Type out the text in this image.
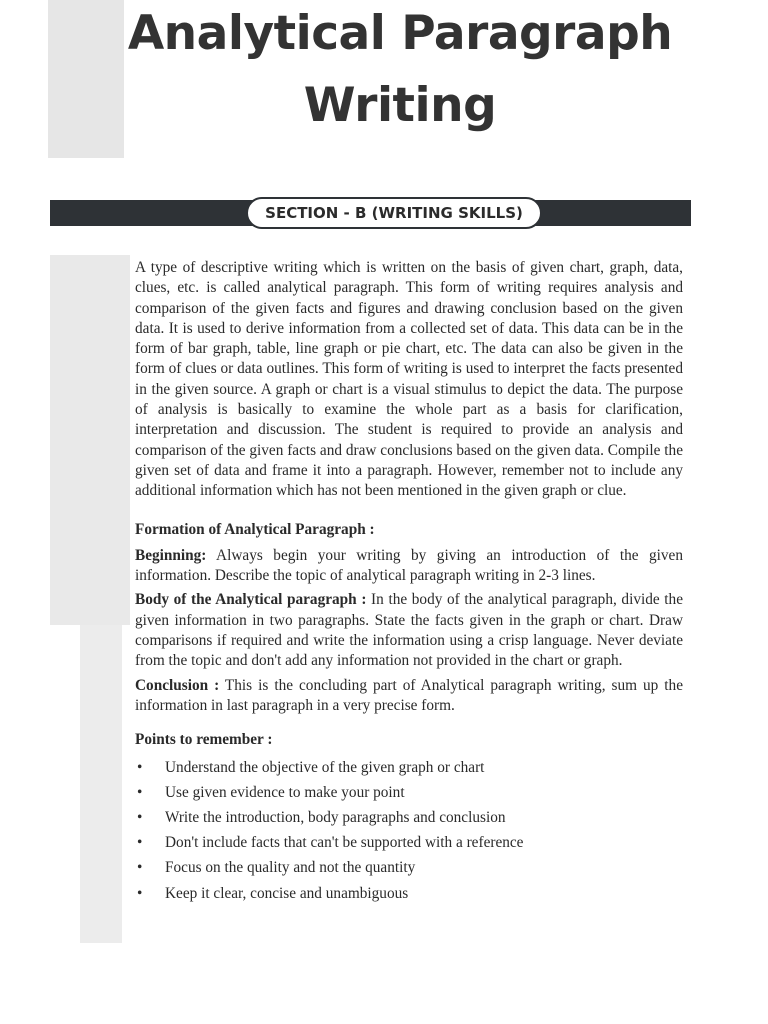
Analytical Paragraph
Writing
SECTION - B (WRITING SKILLS)

A type of descriptive writing which is written on the basis of given chart, graph, data, clues, etc. is called analytical paragraph. This form of writing requires analysis and comparison of the given facts and figures and drawing conclusion based on the given data. It is used to derive information from a collected set of data. This data can be in the form of bar graph, table, line graph or pie chart, etc. The data can also be given in the form of clues or data outlines. This form of writing is used to interpret the facts presented in the given source. A graph or chart is a visual stimulus to depict the data. The purpose of analysis is basically to examine the whole part as a basis for clarification, interpretation and discussion. The student is required to provide an analysis and comparison of the given facts and draw conclusions based on the given data. Compile the given set of data and frame it into a paragraph. However, remember not to include any additional information which has not been mentioned in the given graph or clue.

Formation of Analytical Paragraph :

Beginning: Always begin your writing by giving an introduction of the given information. Describe the topic of analytical paragraph writing in 2-3 lines.

Body of the Analytical paragraph : In the body of the analytical paragraph, divide the given information in two paragraphs. State the facts given in the graph or chart. Draw comparisons if required and write the information using a crisp language. Never deviate from the topic and don't add any information not provided in the chart or graph.

Conclusion : This is the concluding part of Analytical paragraph writing, sum up the information in last paragraph in a very precise form.

Points to remember :

• Understand the objective of the given graph or chart
• Use given evidence to make your point
• Write the introduction, body paragraphs and conclusion
• Don't include facts that can't be supported with a reference
• Focus on the quality and not the quantity
• Keep it clear, concise and unambiguous
